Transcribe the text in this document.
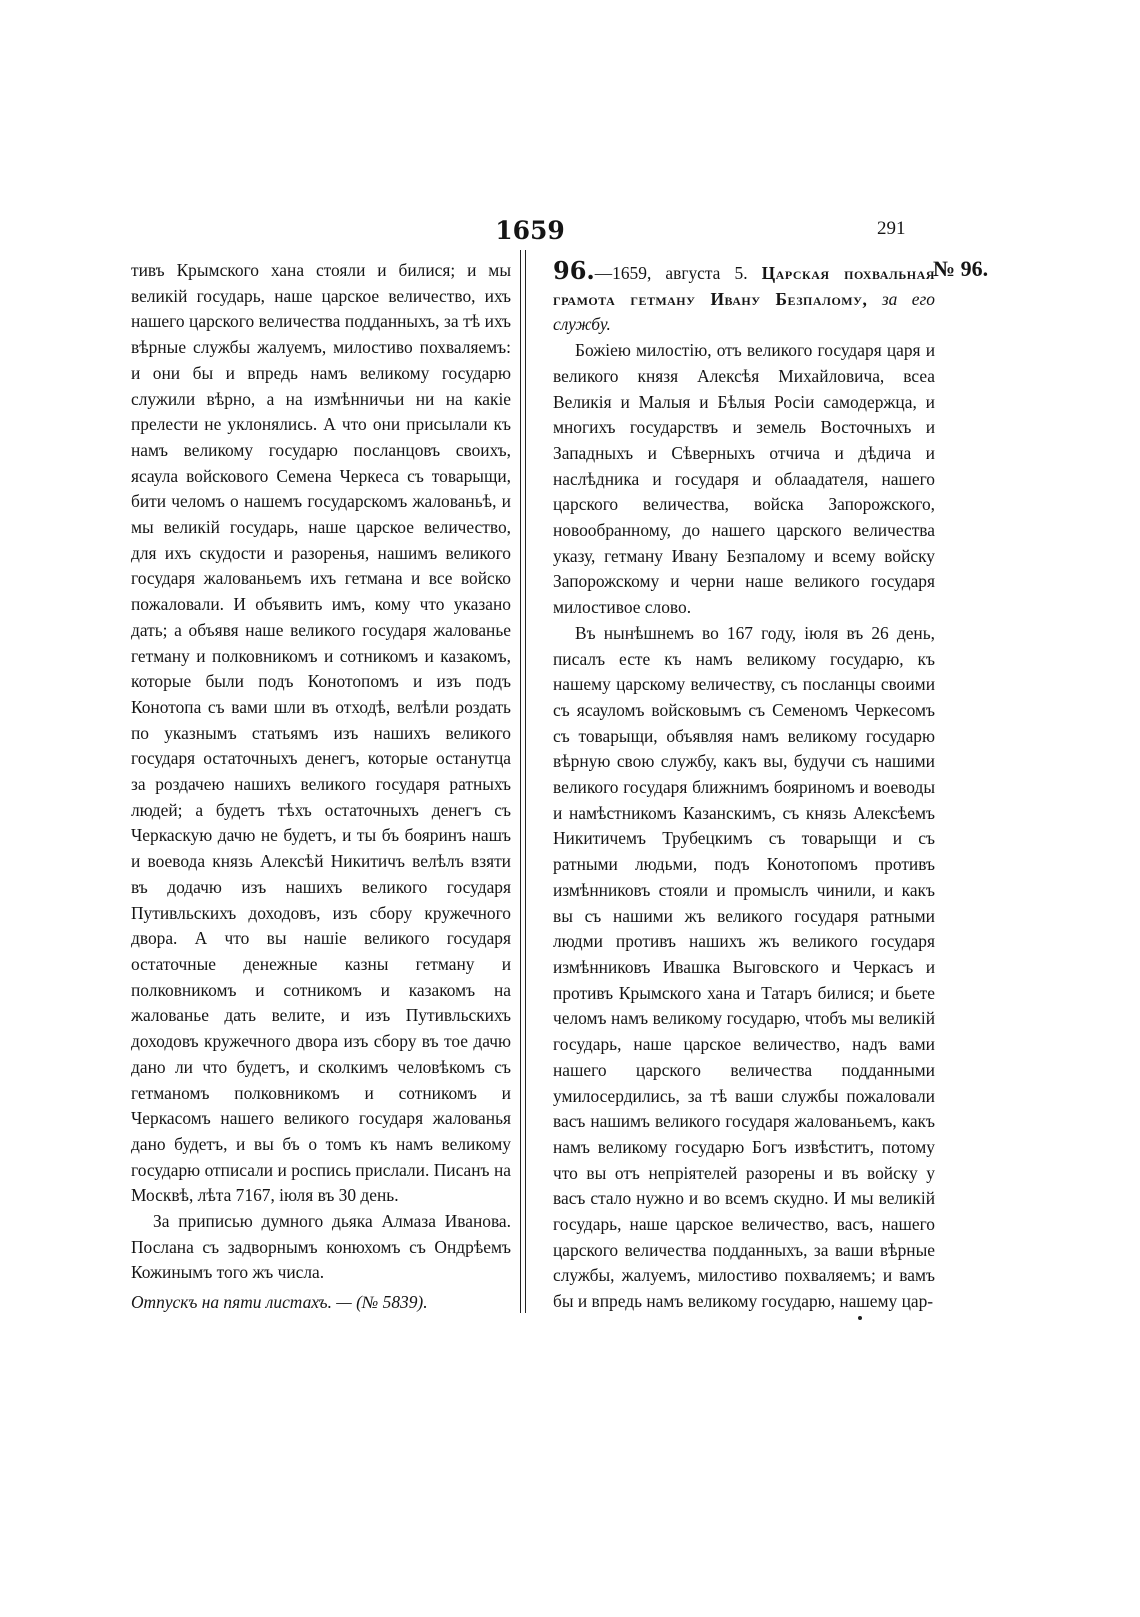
1659	291

тивъ Крымского хана стояли и билися; и мы великiй государь, наше царское величество, ихъ нашего царского величества подданныхъ, за тѣ ихъ вѣрные службы жалуемъ, милостиво похваляемъ: и они бы и впредь намъ великому государю служили вѣрно, а на измѣнничьи ни на какiе прелести не уклонялись. А что они присылали къ намъ великому государю посланцовъ своихъ, ясаула войскового Семена Черкеса съ товарыщи, бити челомъ о нашемъ государскомъ жалованьѣ, и мы великiй государь, наше царское величество, для ихъ скудости и разоренья, нашимъ великого государя жалованьемъ ихъ гетмана и все войско пожаловали. И объявить имъ, кому что указано дать; а объявя наше великого государя жалованье гетману и полковникомъ и сотникомъ и казакомъ, которые были подъ Конотопомъ и изъ подъ Конотопа съ вами шли въ отходѣ, велѣли роздать по указнымъ статьямъ изъ нашихъ великого государя остаточныхъ денегъ, которые останутца за роздачею нашихъ великого государя ратныхъ людей; а будетъ тѣхъ остаточныхъ денегъ съ Черкаскую дачю не будетъ, и ты бъ бояринъ нашъ и воевода князь Алексѣй Никитичъ велѣлъ взяти въ додачю изъ нашихъ великого государя Путивльскихъ доходовъ, изъ сбору кружечного двора. А что вы нашіе великого государя остаточные денежные казны гетману и полковникомъ и сотникомъ и казакомъ на жалованье дать велите, и изъ Путивльскихъ доходовъ кружечного двора изъ сбору въ тое дачю дано ли что будетъ, и сколкимъ человѣкомъ съ гетманомъ полковникомъ и сотникомъ и Черкасомъ нашего великого государя жалованья дано будетъ, и вы бъ о томъ къ намъ великому государю отписали и роспись прислали. Писанъ на Москвѣ, лѣта 7167, iюля въ 30 день.

За приписью думного дьяка Алмаза Иванова. Послана съ задворнымъ конюхомъ съ Ондрѣемъ Кожинымъ того жъ числа.

Отпускъ на пяти листахъ. — (№ 5839).

96.—1659, августа 5. Царская похвальная грамота гетману Ивану Безпалому, за его службу.

Божiею милостiю, отъ великого государя царя и великого князя Алексѣя Михайловича, всеа Великiя и Малыя и Бѣлыя Росiи самодержца, и многихъ государствъ и земель Восточныхъ и Западныхъ и Сѣверныхъ отчича и дѣдича и наслѣдника и государя и облаадателя, нашего царского величества, войска Запорожского, новообранному, до нашего царского величества указу, гетману Ивану Безпалому и всему войску Запорожскому и черни наше великого государя милостивое слово.

Въ нынѣшнемъ во 167 году, iюля въ 26 день, писалъ есте къ намъ великому государю, къ нашему царскому величеству, съ посланцы своими съ ясауломъ войсковымъ съ Семеномъ Черкесомъ съ товарыщи, объявляя намъ великому государю вѣрную свою службу, какъ вы, будучи съ нашими великого государя ближнимъ бояриномъ и воеводы и намѣстникомъ Казанскимъ, съ князь Алексѣемъ Никитичемъ Трубецкимъ съ товарыщи и съ ратными людьми, подъ Конотопомъ противъ измѣнниковъ стояли и промыслъ чинили, и какъ вы съ нашими жъ великого государя ратными людми противъ нашихъ жъ великого государя измѣнниковъ Ивашка Выговского и Черкасъ и противъ Крымского хана и Татаръ билися; и бьете челомъ намъ великому государю, чтобъ мы великiй государь, наше царское величество, надъ вами нашего царского величества подданными умилосердились, за тѣ ваши службы пожаловали васъ нашимъ великого государя жалованьемъ, какъ намъ великому государю Богъ извѣститъ, потому что вы отъ непрiятелей разорены и въ войску у васъ стало нужно и во всемъ скудно. И мы великiй государь, наше царское величество, васъ, нашего царского величества подданныхъ, за ваши вѣрные службы, жалуемъ, милостиво похваляемъ; и вамъ бы и впредь намъ великому государю, нашему цар-

№ 96.
